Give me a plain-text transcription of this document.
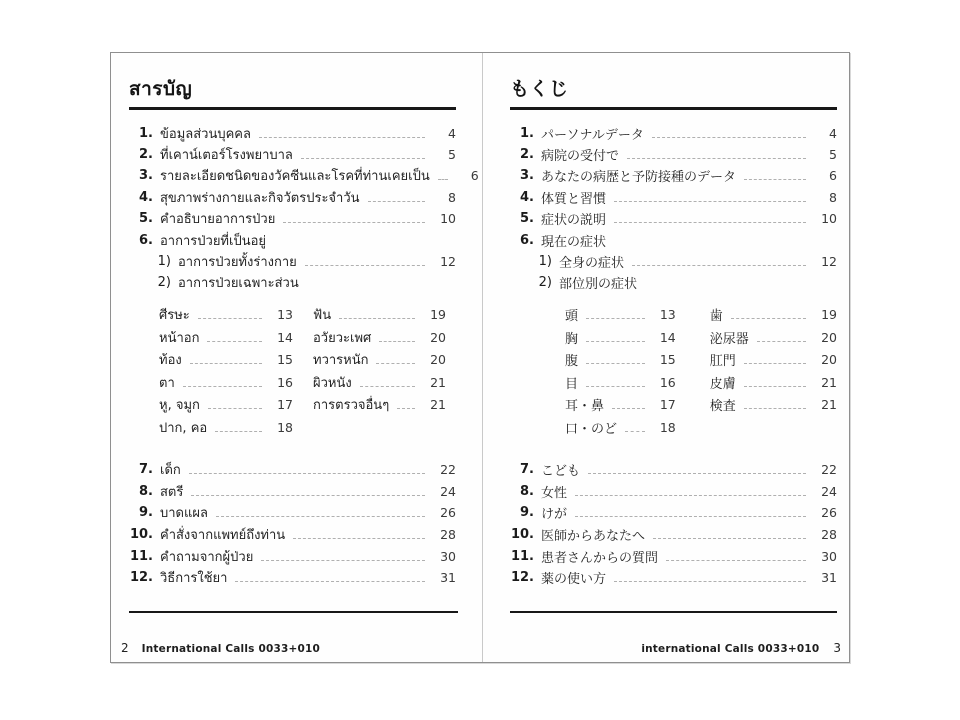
สารบัญ
1. ข้อมูลส่วนบุคคล	4
2. ที่เคาน์เตอร์โรงพยาบาล	5
3. รายละเอียดชนิดของวัคซีนและโรคที่ท่านเคยเป็น	6
4. สุขภาพร่างกายและกิจวัตรประจำวัน	8
5. คำอธิบายอาการป่วย	10
6. อาการป่วยที่เป็นอยู่
1) อาการป่วยทั้งร่างกาย	12
2) อาการป่วยเฉพาะส่วน
ศีรษะ	13
หน้าอก	14
ท้อง	15
ตา	16
หู, จมูก	17
ปาก, คอ	18
ฟัน	19
อวัยวะเพศ	20
ทวารหนัก	20
ผิวหนัง	21
การตรวจอื่นๆ	21
7. เด็ก	22
8. สตรี	24
9. บาดแผล	26
10. คำสั่งจากแพทย์ถึงท่าน	28
11. คำถามจากผู้ป่วย	30
12. วิธีการใช้ยา	31
2 International Calls 0033+010
もくじ
1. パーソナルデータ	4
2. 病院の受付で	5
3. あなたの病歴と予防接種のデータ	6
4. 体質と習慣	8
5. 症状の説明	10
6. 現在の症状
1) 全身の症状	12
2) 部位別の症状
頭	13
胸	14
腹	15
目	16
耳・鼻	17
口・のど	18
歯	19
泌尿器	20
肛門	20
皮膚	21
検査	21
7. こども	22
8. 女性	24
9. けが	26
10. 医師からあなたへ	28
11. 患者さんからの質問	30
12. 薬の使い方	31
international Calls 0033+010 3
